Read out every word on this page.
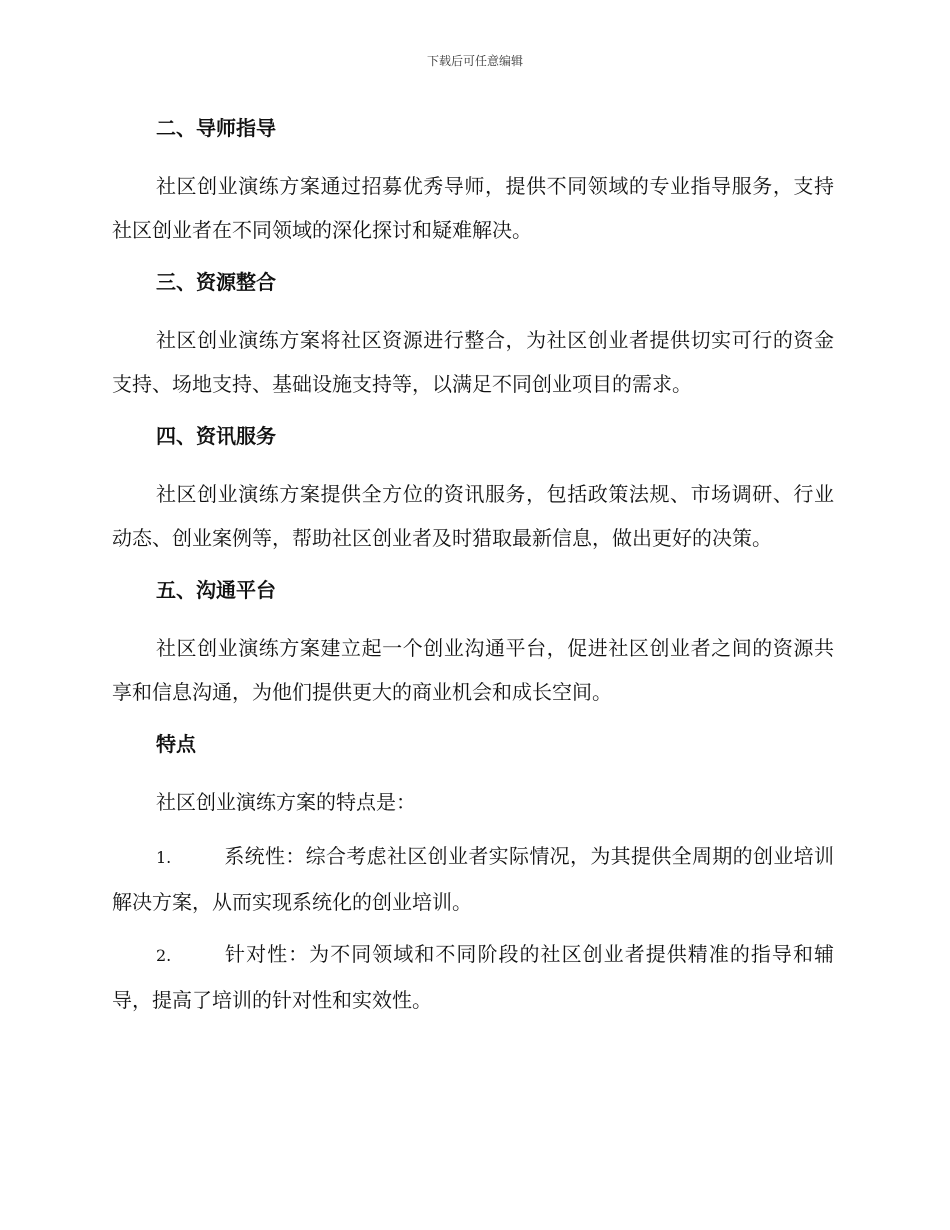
下载后可任意编辑
二、导师指导

社区创业演练方案通过招募优秀导师，提供不同领域的专业指导服务，支持社区创业者在不同领域的深化探讨和疑难解决。

三、资源整合

社区创业演练方案将社区资源进行整合，为社区创业者提供切实可行的资金支持、场地支持、基础设施支持等，以满足不同创业项目的需求。

四、资讯服务

社区创业演练方案提供全方位的资讯服务，包括政策法规、市场调研、行业动态、创业案例等，帮助社区创业者及时猎取最新信息，做出更好的决策。

五、沟通平台

社区创业演练方案建立起一个创业沟通平台，促进社区创业者之间的资源共享和信息沟通，为他们提供更大的商业机会和成长空间。

特点

社区创业演练方案的特点是：

1.	系统性：综合考虑社区创业者实际情况，为其提供全周期的创业培训解决方案，从而实现系统化的创业培训。

2.	针对性：为不同领域和不同阶段的社区创业者提供精准的指导和辅导，提高了培训的针对性和实效性。
